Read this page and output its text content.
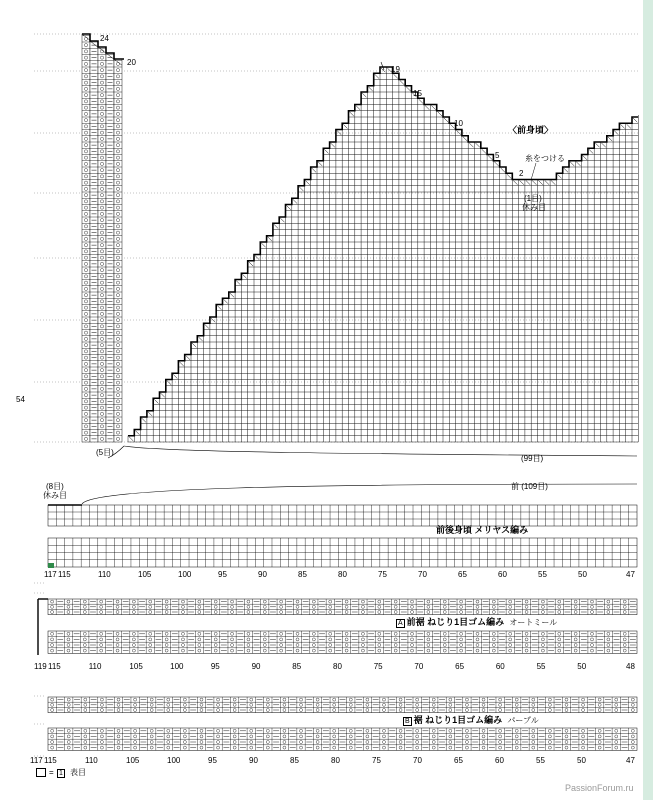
〈前身頃〉
糸をつける
(1目)
休み目
24
20
19
15
10
5
2
(5目)
(99目)
54
(8目)
休み目
前 (109目)
前後身頃 メリヤス編み
117 115	110	105	100	95	90	85	80	75	70	65	60	55	50	47
A 前裾 ねじり1目ゴム編み オートミール
119 115	110	105	100	95	90	85	80	75	70	65	60	55	50	48
B 裾 ねじり1目ゴム編み パープル
117 115	110	105	100	95	90	85	80	75	70	65	60	55	50	47
= 1 表目
PassionForum.ru
